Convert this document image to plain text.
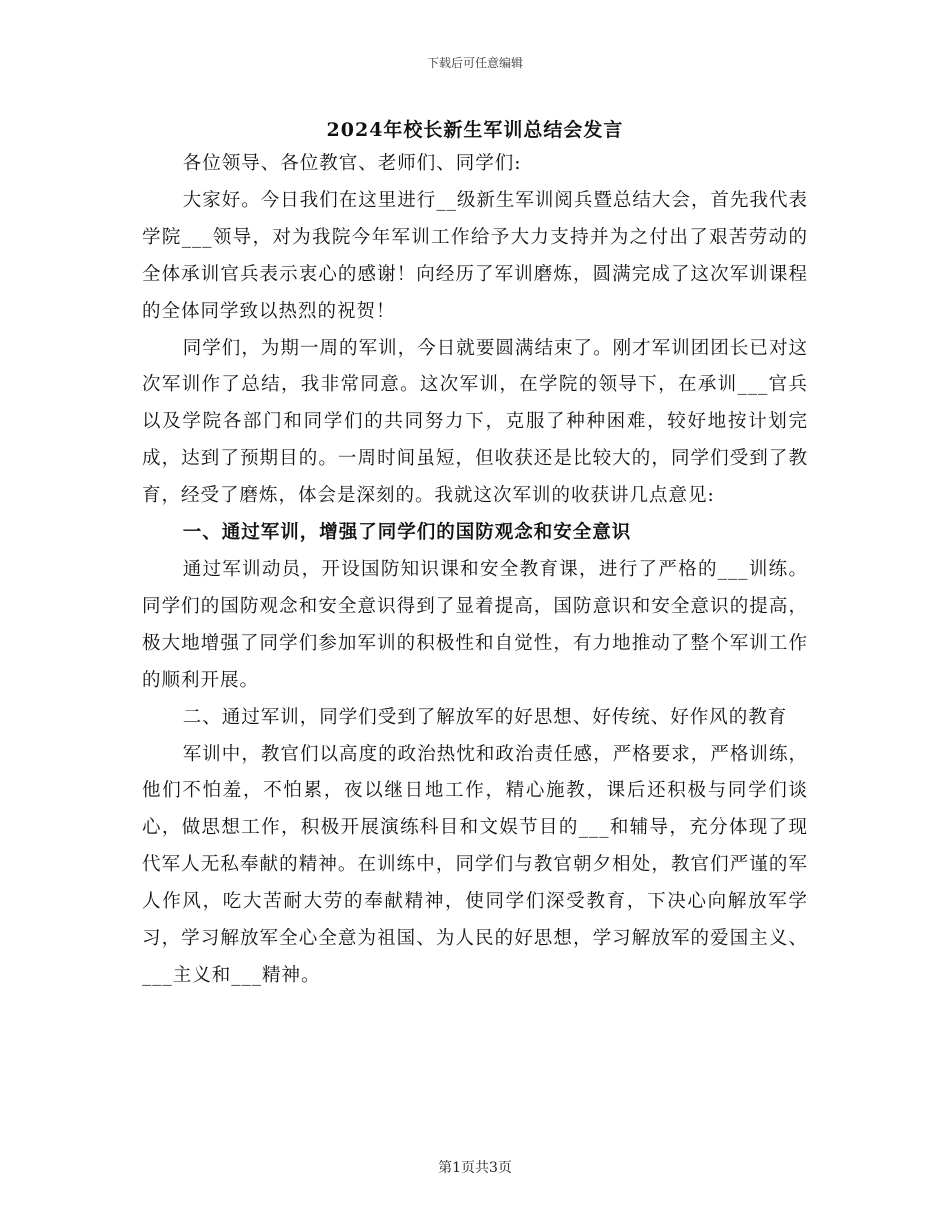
下载后可任意编辑
2024年校长新生军训总结会发言

各位领导、各位教官、老师们、同学们:

大家好。今日我们在这里进行__级新生军训阅兵暨总结大会，首先我代表学院___领导，对为我院今年军训工作给予大力支持并为之付出了艰苦劳动的全体承训官兵表示衷心的感谢！向经历了军训磨炼，圆满完成了这次军训课程的全体同学致以热烈的祝贺！

同学们，为期一周的军训，今日就要圆满结束了。刚才军训团团长已对这次军训作了总结，我非常同意。这次军训，在学院的领导下，在承训___官兵以及学院各部门和同学们的共同努力下，克服了种种困难，较好地按计划完成，达到了预期目的。一周时间虽短，但收获还是比较大的，同学们受到了教育，经受了磨炼，体会是深刻的。我就这次军训的收获讲几点意见:

一、通过军训，增强了同学们的国防观念和安全意识

通过军训动员，开设国防知识课和安全教育课，进行了严格的___训练。同学们的国防观念和安全意识得到了显着提高，国防意识和安全意识的提高，极大地增强了同学们参加军训的积极性和自觉性，有力地推动了整个军训工作的顺利开展。

二、通过军训，同学们受到了解放军的好思想、好传统、好作风的教育

军训中，教官们以高度的政治热忱和政治责任感，严格要求，严格训练，他们不怕羞，不怕累，夜以继日地工作，精心施教，课后还积极与同学们谈心，做思想工作，积极开展演练科目和文娱节目的___和辅导，充分体现了现代军人无私奉献的精神。在训练中，同学们与教官朝夕相处，教官们严谨的军人作风，吃大苦耐大劳的奉献精神，使同学们深受教育，下决心向解放军学习，学习解放军全心全意为祖国、为人民的好思想，学习解放军的爱国主义、___主义和___精神。

第1页共3页
